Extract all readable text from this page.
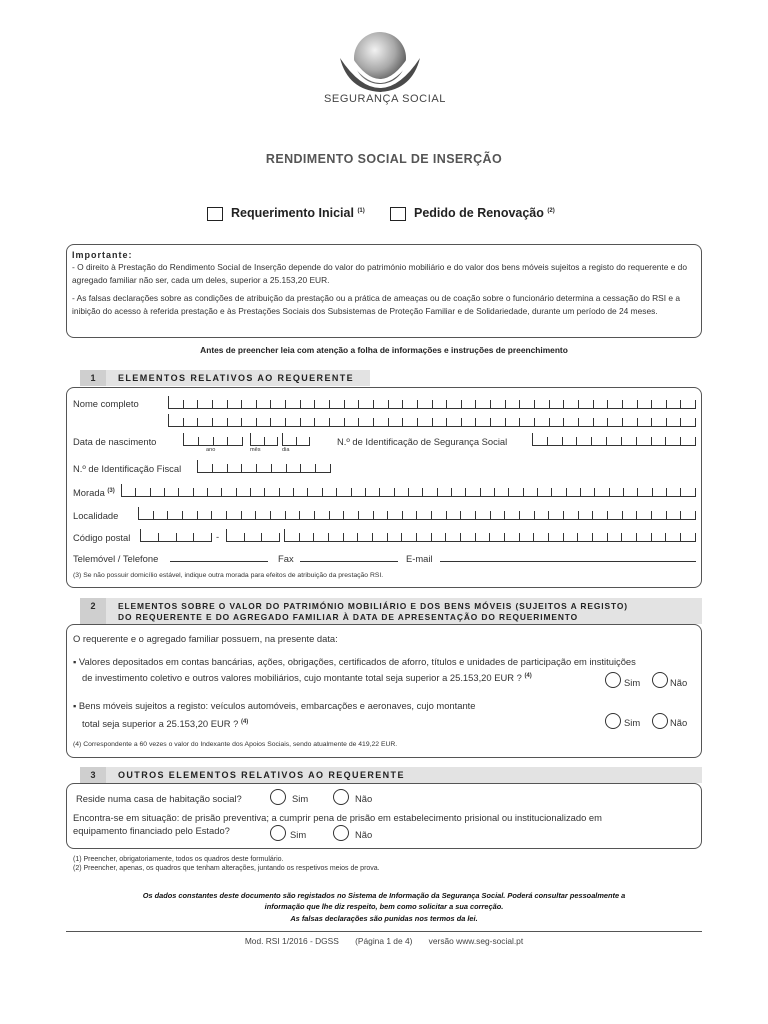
SEGURANÇA SOCIAL
RENDIMENTO SOCIAL DE INSERÇÃO
Requerimento Inicial $^{(1)}$	Pedido de Renovação $^{(2)}$
Importante:
- O direito à Prestação do Rendimento Social de Inserção depende do valor do património mobiliário e do valor dos bens móveis sujeitos a registo do requerente e do agregado familiar não ser, cada um deles, superior a 25.153,20 EUR.
- As falsas declarações sobre as condições de atribuição da prestação ou a prática de ameaças ou de coação sobre o funcionário determina a cessação do RSI e a inibição do acesso à referida prestação e às Prestações Sociais dos Subsistemas de Proteção Familiar e de Solidariedade, durante um período de 24 meses.
Antes de preencher leia com atenção a folha de informações e instruções de preenchimento
1	ELEMENTOS RELATIVOS AO REQUERENTE
Nome completo
Data de nascimento
ano	mês	dia
N.º de Identificação de Segurança Social
N.º de Identificação Fiscal
Morada $^{(3)}$
Localidade
Código postal	-
Telemóvel / Telefone	Fax	E-mail
(3) Se não possuir domicílio estável, indique outra morada para efeitos de atribuição da prestação RSI.
2	ELEMENTOS SOBRE O VALOR DO PATRIMÓNIO MOBILIÁRIO E DOS BENS MÓVEIS (SUJEITOS A REGISTO)
DO REQUERENTE E DO AGREGADO FAMILIAR À DATA DE APRESENTAÇÃO DO REQUERIMENTO
O requerente e o agregado familiar possuem, na presente data:
▪ Valores depositados em contas bancárias, ações, obrigações, certificados de aforro, títulos e unidades de participação em instituições
de investimento coletivo e outros valores mobiliários, cujo montante total seja superior a 25.153,20 EUR ? $^{(4)}$
Sim	Não
▪ Bens móveis sujeitos a registo: veículos automóveis, embarcações e aeronaves, cujo montante
total seja superior a 25.153,20 EUR ? $^{(4)}$	Sim	Não
(4) Correspondente a 60 vezes o valor do Indexante dos Apoios Sociais, sendo atualmente de 419,22 EUR.
3	OUTROS ELEMENTOS RELATIVOS AO REQUERENTE
Reside numa casa de habitação social?	Sim	Não
Encontra-se em situação: de prisão preventiva; a cumprir pena de prisão em estabelecimento prisional ou institucionalizado em
equipamento financiado pelo Estado?	Sim	Não
(1) Preencher, obrigatoriamente, todos os quadros deste formulário.
(2) Preencher, apenas, os quadros que tenham alterações, juntando os respetivos meios de prova.
Os dados constantes deste documento são registados no Sistema de Informação da Segurança Social. Poderá consultar pessoalmente a
informação que lhe diz respeito, bem como solicitar a sua correção.
As falsas declarações são punidas nos termos da lei.
Mod. RSI 1/2016 - DGSS       (Página 1 de 4)       versão www.seg-social.pt
